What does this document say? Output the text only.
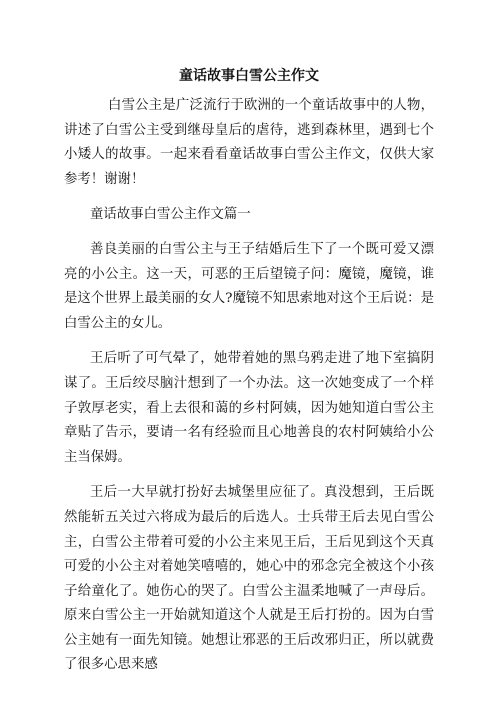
童话故事白雪公主作文

白雪公主是广泛流行于欧洲的一个童话故事中的人物，讲述了白雪公主受到继母皇后的虐待，逃到森林里，遇到七个小矮人的故事。一起来看看童话故事白雪公主作文，仅供大家参考！谢谢！

童话故事白雪公主作文篇一

善良美丽的白雪公主与王子结婚后生下了一个既可爱又漂亮的小公主。这一天，可恶的王后望镜子问：魔镜，魔镜，谁是这个世界上最美丽的女人?魔镜不知思索地对这个王后说：是白雪公主的女儿。

王后听了可气晕了，她带着她的黑乌鸦走进了地下室搞阴谋了。王后绞尽脑汁想到了一个办法。这一次她变成了一个样子敦厚老实，看上去很和蔼的乡村阿姨，因为她知道白雪公主章贴了告示，要请一名有经验而且心地善良的农村阿姨给小公主当保姆。

王后一大早就打扮好去城堡里应征了。真没想到，王后既然能斩五关过六将成为最后的后选人。士兵带王后去见白雪公主，白雪公主带着可爱的小公主来见王后，王后见到这个天真可爱的小公主对着她笑嘻嘻的，她心中的邪念完全被这个小孩子给童化了。她伤心的哭了。白雪公主温柔地喊了一声母后。原来白雪公主一开始就知道这个人就是王后打扮的。因为白雪公主她有一面先知镜。她想让邪恶的王后改邪归正，所以就费了很多心思来感
